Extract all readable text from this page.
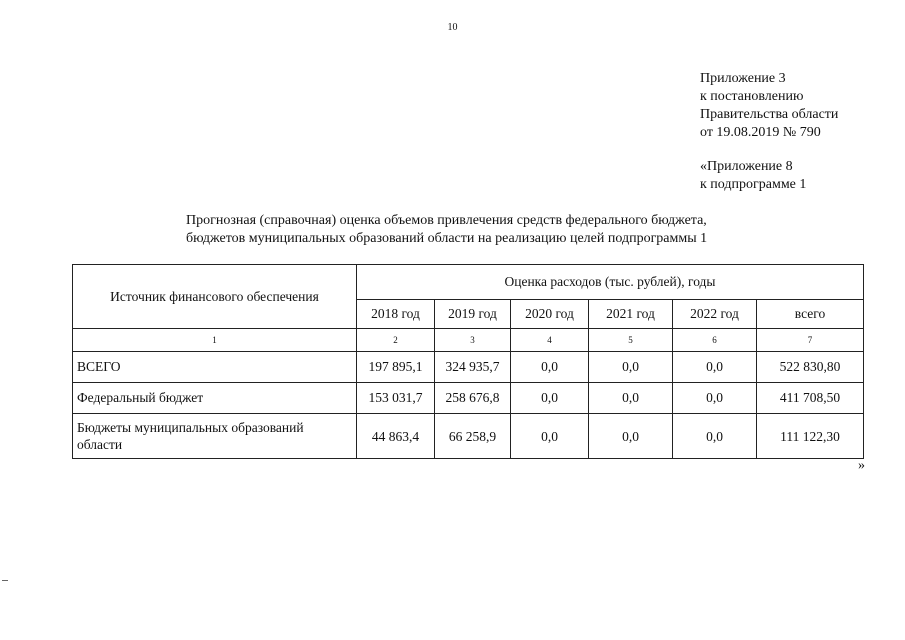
10
Приложение 3
к постановлению
Правительства области
от 19.08.2019 № 790
«Приложение 8
к подпрограмме 1
Прогнозная (справочная) оценка объемов привлечения средств федерального бюджета,
бюджетов муниципальных образований области на реализацию целей подпрограммы 1
Источник финансового обеспечения	Оценка расходов (тыс. рублей), годы					
	2018 год	2019 год	2020 год	2021 год	2022 год	всего
1	2	3	4	5	6	7
ВСЕГО	197 895,1	324 935,7	0,0	0,0	0,0	522 830,80
Федеральный бюджет	153 031,7	258 676,8	0,0	0,0	0,0	411 708,50
Бюджеты муниципальных образований области	44 863,4	66 258,9	0,0	0,0	0,0	111 122,30
»
